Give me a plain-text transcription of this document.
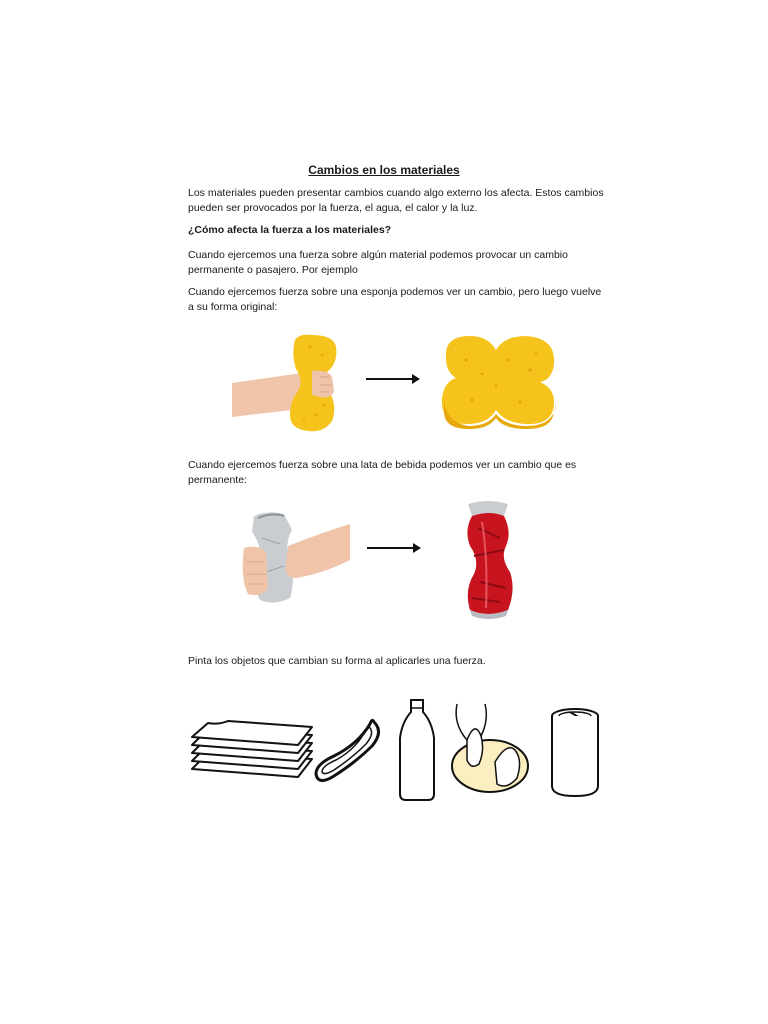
Cambios en los materiales
Los materiales pueden presentar cambios cuando algo externo los afecta. Estos cambios pueden ser provocados por la fuerza, el agua, el calor y la luz.
¿Cómo afecta la fuerza a los materiales?
Cuando ejercemos una fuerza sobre algún material podemos provocar un cambio permanente o pasajero. Por ejemplo
Cuando ejercemos fuerza sobre una esponja podemos ver un cambio, pero luego vuelve a su forma original:
Cuando ejercemos fuerza sobre una lata de bebida podemos ver un cambio que es permanente:
Pinta los objetos que cambian su forma al aplicarles una fuerza.
